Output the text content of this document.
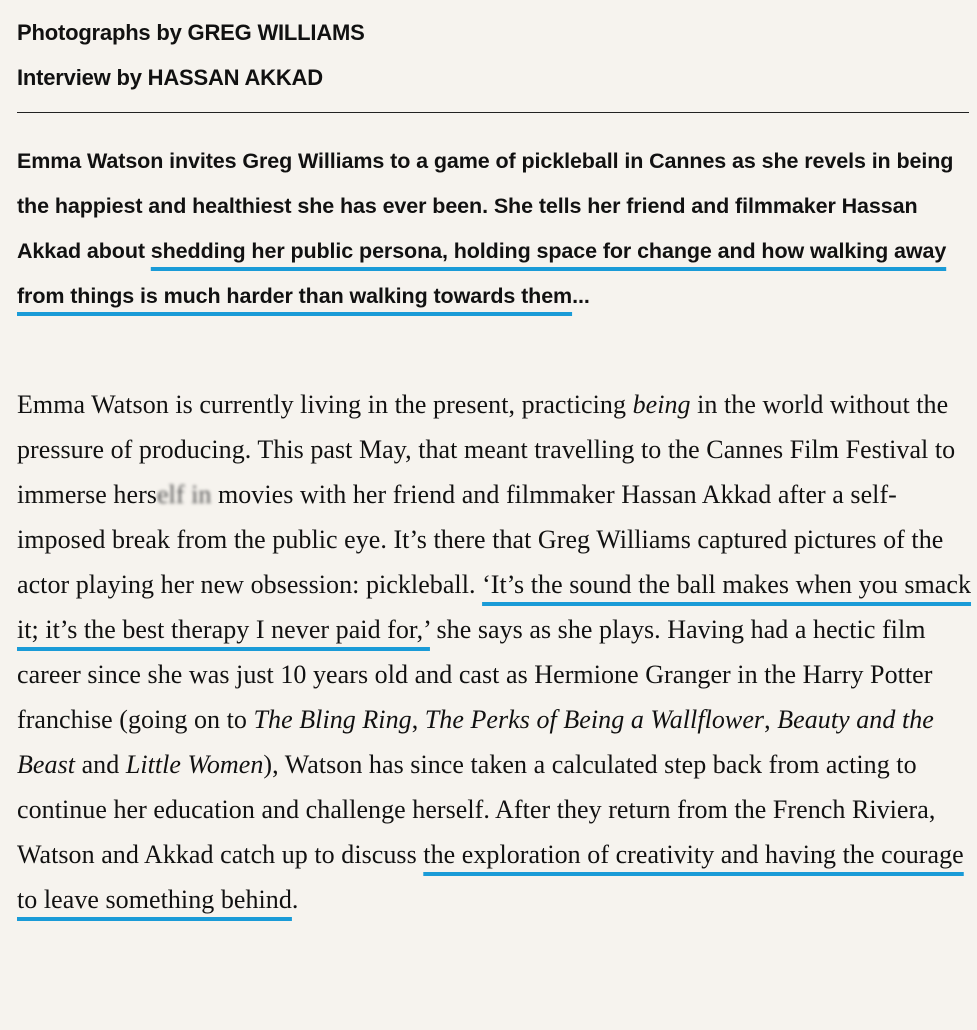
Photographs by GREG WILLIAMS
Interview by HASSAN AKKAD

Emma Watson invites Greg Williams to a game of pickleball in Cannes as she revels in being the happiest and healthiest she has ever been. She tells her friend and filmmaker Hassan Akkad about shedding her public persona, holding space for change and how walking away from things is much harder than walking towards them...

Emma Watson is currently living in the present, practicing being in the world without the pressure of producing. This past May, that meant travelling to the Cannes Film Festival to immerse herself in movies with her friend and filmmaker Hassan Akkad after a self-imposed break from the public eye. It’s there that Greg Williams captured pictures of the actor playing her new obsession: pickleball. ‘It’s the sound the ball makes when you smack it; it’s the best therapy I never paid for,’ she says as she plays. Having had a hectic film career since she was just 10 years old and cast as Hermione Granger in the Harry Potter franchise (going on to The Bling Ring, The Perks of Being a Wallflower, Beauty and the Beast and Little Women), Watson has since taken a calculated step back from acting to continue her education and challenge herself. After they return from the French Riviera, Watson and Akkad catch up to discuss the exploration of creativity and having the courage to leave something behind.
